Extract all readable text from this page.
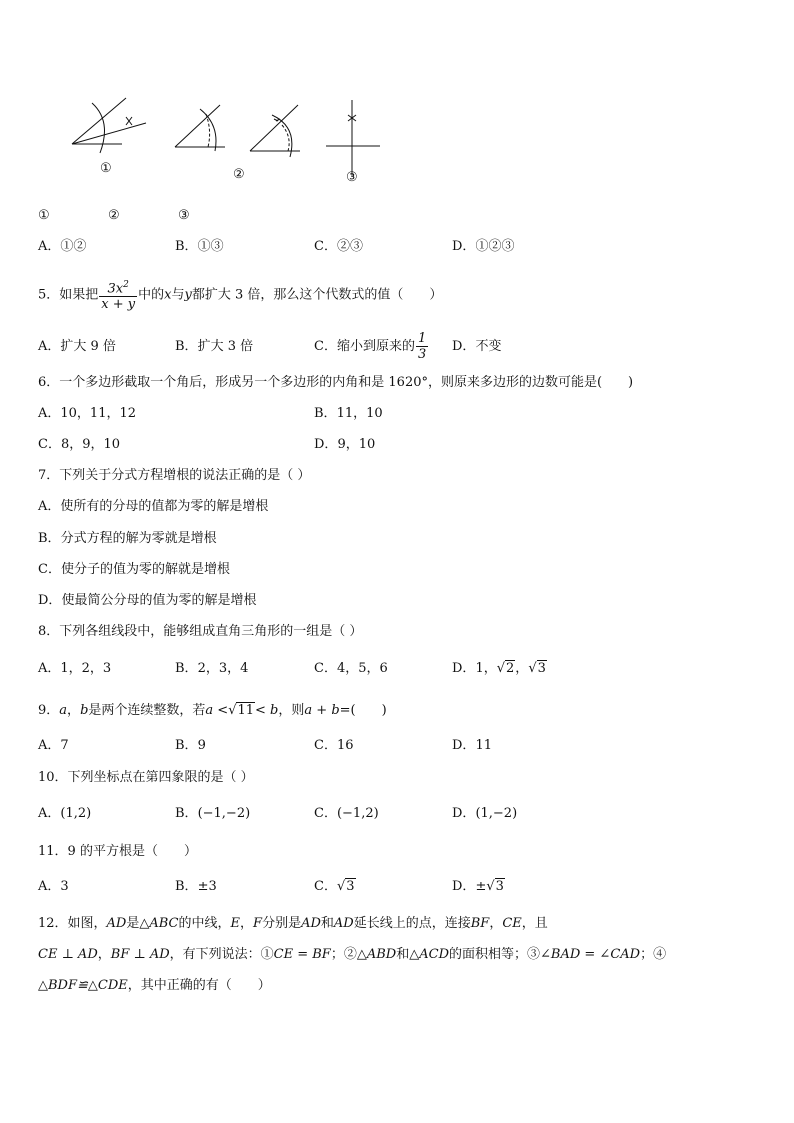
①	②	③
①	②	③
A．①②	B．①③	C．②③	D．①②③
5．如果把 $\frac{3x^2}{x + y}$ 中的x与y都扩大 3 倍，那么这个代数式的值（　　）
A．扩大 9 倍	B．扩大 3 倍	C．缩小到原来的 $\frac{1}{3}$ D．不变
6．一个多边形截取一个角后，形成另一个多边形的内角和是 1620°，则原来多边形的边数可能是(　　)
A．10，11，12	B．11，10
C．8，9，10	D．9，10
7．下列关于分式方程增根的说法正确的是（ ）
A．使所有的分母的值都为零的解是增根
B．分式方程的解为零就是增根
C．使分子的值为零的解就是增根
D．使最简公分母的值为零的解是增根
8．下列各组线段中，能够组成直角三角形的一组是（ ）
A．1，2，3	B．2，3，4	C．4，5，6	D．1，√2，√3
9．a，b是两个连续整数，若a <√11< b，则a + b=(　　)
A．7	B．9	C．16	D．11
10．下列坐标点在第四象限的是（ ）
A．(1,2)	B．(−1,−2)	C．(−1,2)	D．(1,−2)
11．9 的平方根是（　　）
A．3	B．±3	C．√3	D．±√3
12．如图，AD是△ABC的中线，E，F分别是AD和AD延长线上的点，连接BF，CE，且
CE ⊥ AD，BF ⊥ AD，有下列说法：①CE = BF；②△ABD和△ACD的面积相等；③∠BAD = ∠CAD；④
△BDF≌△CDE，其中正确的有（　　）
